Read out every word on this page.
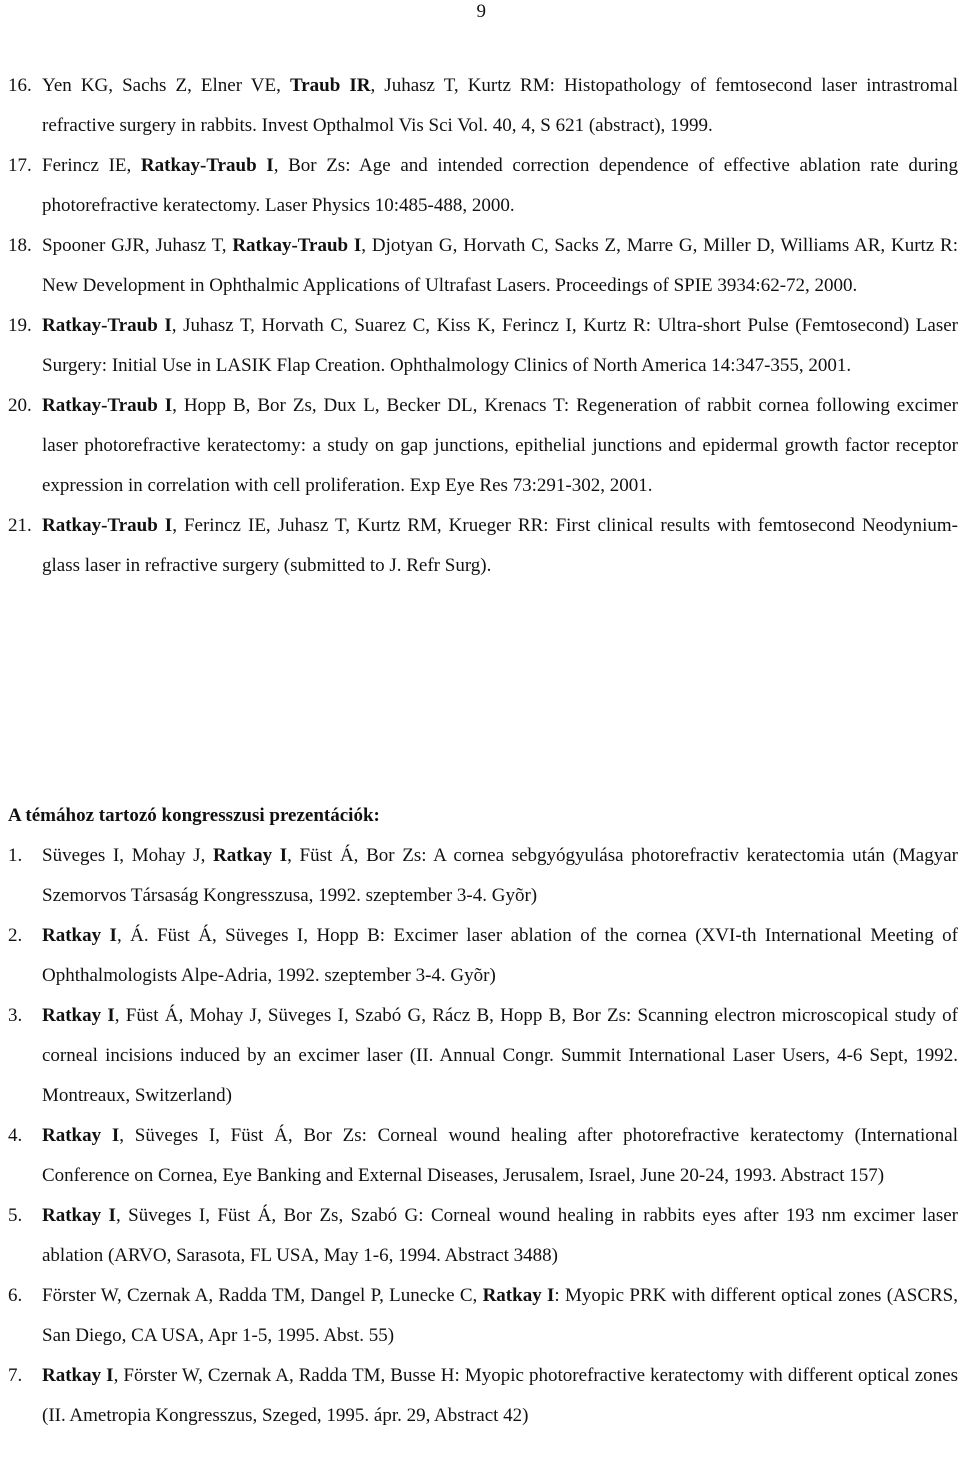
9

16. Yen KG, Sachs Z, Elner VE, Traub IR, Juhasz T, Kurtz RM: Histopathology of femtosecond laser intrastromal refractive surgery in rabbits. Invest Opthalmol Vis Sci Vol. 40, 4, S 621 (abstract), 1999.

17. Ferincz IE, Ratkay-Traub I, Bor Zs: Age and intended correction dependence of effective ablation rate during photorefractive keratectomy. Laser Physics 10:485-488, 2000.

18. Spooner GJR, Juhasz T, Ratkay-Traub I, Djotyan G, Horvath C, Sacks Z, Marre G, Miller D, Williams AR, Kurtz R: New Development in Ophthalmic Applications of Ultrafast Lasers. Proceedings of SPIE 3934:62-72, 2000.

19. Ratkay-Traub I, Juhasz T, Horvath C, Suarez C, Kiss K, Ferincz I, Kurtz R: Ultra-short Pulse (Femtosecond) Laser Surgery: Initial Use in LASIK Flap Creation. Ophthalmology Clinics of North America 14:347-355, 2001.

20. Ratkay-Traub I, Hopp B, Bor Zs, Dux L, Becker DL, Krenacs T: Regeneration of rabbit cornea following excimer laser photorefractive keratectomy: a study on gap junctions, epithelial junctions and epidermal growth factor receptor expression in correlation with cell proliferation. Exp Eye Res 73:291-302, 2001.

21. Ratkay-Traub I, Ferincz IE, Juhasz T, Kurtz RM, Krueger RR: First clinical results with femtosecond Neodynium-glass laser in refractive surgery (submitted to J. Refr Surg).

A témához tartozó kongresszusi prezentációk:

1. Süveges I, Mohay J, Ratkay I, Füst Á, Bor Zs: A cornea sebgyógyulása photorefractiv keratectomia után (Magyar Szemorvos Társaság Kongresszusa, 1992. szeptember 3-4. Gyõr)

2. Ratkay I, Á. Füst Á, Süveges I, Hopp B: Excimer laser ablation of the cornea (XVI-th International Meeting of Ophthalmologists Alpe-Adria, 1992. szeptember 3-4. Gyõr)

3. Ratkay I, Füst Á, Mohay J, Süveges I, Szabó G, Rácz B, Hopp B, Bor Zs: Scanning electron microscopical study of corneal incisions induced by an excimer laser (II. Annual Congr. Summit International Laser Users, 4-6 Sept, 1992. Montreaux, Switzerland)

4. Ratkay I, Süveges I, Füst Á, Bor Zs: Corneal wound healing after photorefractive keratectomy (International Conference on Cornea, Eye Banking and External Diseases, Jerusalem, Israel, June 20-24, 1993. Abstract 157)

5. Ratkay I, Süveges I, Füst Á, Bor Zs, Szabó G: Corneal wound healing in rabbits eyes after 193 nm excimer laser ablation (ARVO, Sarasota, FL USA, May 1-6, 1994. Abstract 3488)

6. Förster W, Czernak A, Radda TM, Dangel P, Lunecke C, Ratkay I: Myopic PRK with different optical zones (ASCRS, San Diego, CA USA, Apr 1-5, 1995. Abst. 55)

7. Ratkay I, Förster W, Czernak A, Radda TM, Busse H: Myopic photorefractive keratectomy with different optical zones (II. Ametropia Kongresszus, Szeged, 1995. ápr. 29, Abstract 42)
